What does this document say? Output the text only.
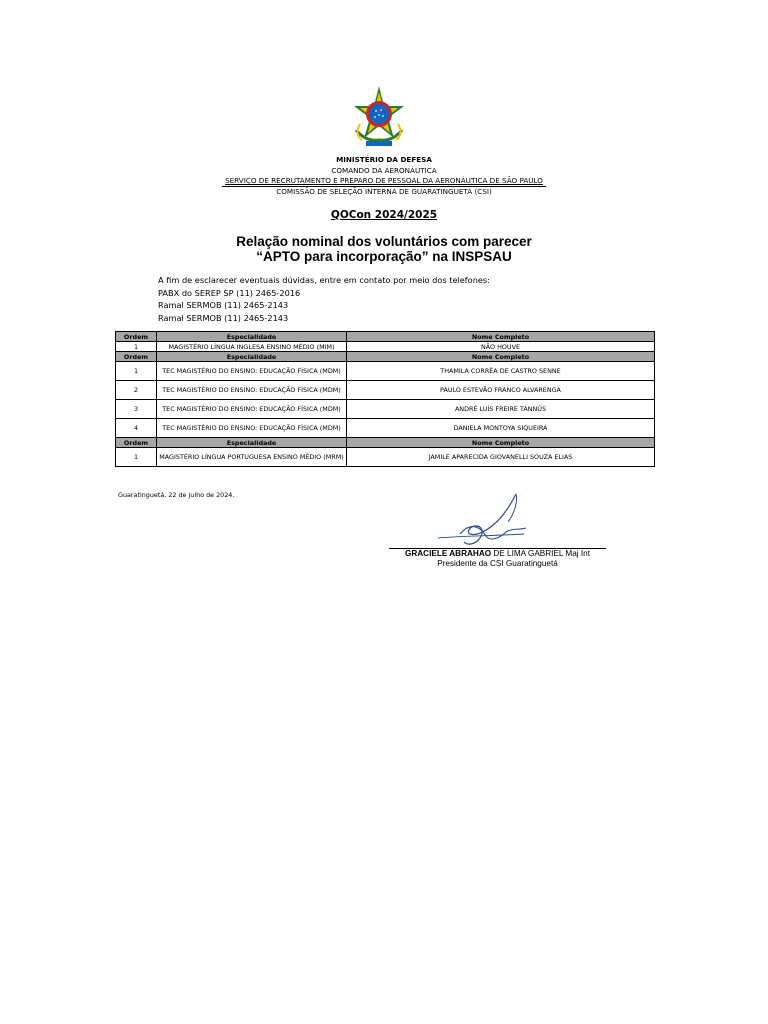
MINISTÉRIO DA DEFESA
COMANDO DA AERONÁUTICA
SERVIÇO DE RECRUTAMENTO E PREPARO DE PESSOAL DA AERONÁUTICA DE SÃO PAULO
COMISSÃO DE SELEÇÃO INTERNA DE GUARATINGUETÁ (CSI)
QOCon 2024/2025
Relação nominal dos voluntários com parecer
“APTO para incorporação” na INSPSAU
A fim de esclarecer eventuais dúvidas, entre em contato por meio dos telefones:
PABX do SEREP SP (11) 2465-2016
Ramal SERMOB (11) 2465-2143
Ramal SERMOB (11) 2465-2143
Ordem	Especialidade	Nome Completo
1	MAGISTÉRIO LÍNGUA INGLESA ENSINO MÉDIO (MIM)	NÃO HOUVE
Ordem	Especialidade	Nome Completo
1	TEC MAGISTÉRIO DO ENSINO: EDUCAÇÃO FÍSICA (MDM)	THAMILA CORRÊA DE CASTRO SENNE
2	TEC MAGISTÉRIO DO ENSINO: EDUCAÇÃO FÍSICA (MDM)	PAULO ESTEVÃO FRANCO ALVARENGA
3	TEC MAGISTÉRIO DO ENSINO: EDUCAÇÃO FÍSICA (MDM)	ANDRÉ LUÍS FREIRE TANNÚS
4	TEC MAGISTÉRIO DO ENSINO: EDUCAÇÃO FÍSICA (MDM)	DANIELA MONTOYA SIQUEIRA
Ordem	Especialidade	Nome Completo
1	MAGISTÉRIO LÍNGUA PORTUGUESA ENSINO MÉDIO (MRM)	JAMILE APARECIDA GIOVANELLI SOUZA ELIAS
Guaratinguetá, 22 de julho de 2024.
GRACIELE ABRAHAO DE LIMA GABRIEL Maj Int
Presidente da CSI Guaratinguetá
